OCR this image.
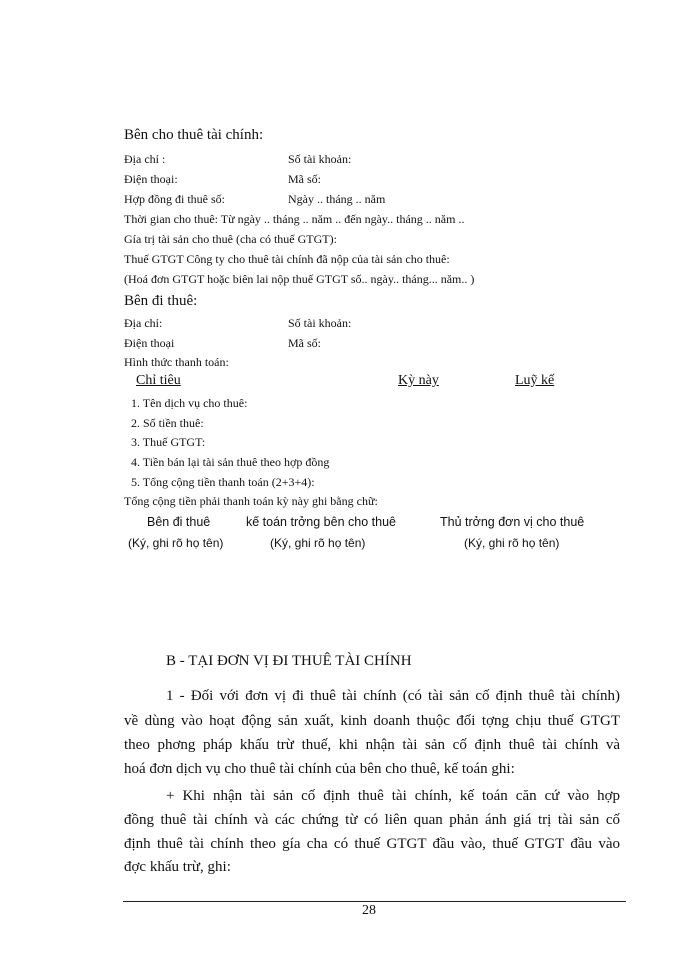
Bên cho thuê tài chính:
Địa chỉ :	Số tài khoản:
Điện thoại:	Mã số:
Hợp đồng đi thuê số:	Ngày .. tháng .. năm
Thời gian cho thuê: Từ ngày .. tháng .. năm .. đến ngày.. tháng .. năm ..
Gía trị tài sản cho thuê (cha có thuế GTGT):
Thuế GTGT Công ty cho thuê tài chính đã nộp của tài sản cho thuê:
(Hoá đơn GTGT hoặc biên lai nộp thuế GTGT số.. ngày.. tháng... năm.. )
Bên đi thuê:
Địa chỉ:	Số tài khoản:
Điện thoại	Mã số:
Hình thức thanh toán:
Chỉ tiêu	Kỳ này	Luỹ kế
1. Tên dịch vụ cho thuê:
2. Số tiền thuê:
3. Thuế GTGT:
4. Tiền bán lại tài sản thuê theo hợp đồng
5. Tổng cộng tiền thanh toán (2+3+4):
Tổng cộng tiền phải thanh toán kỳ này ghi bằng chữ:
Bên đi thuê	kế toán trởng bên cho thuê	Thủ trởng đơn vị cho thuê
(Ký, ghi rõ họ tên)	(Ký, ghi rõ họ tên)	(Ký, ghi rõ họ tên)
B - TẠI ĐƠN VỊ ĐI THUÊ TÀI CHÍNH
1 - Đối với đơn vị đi thuê tài chính (có tài sản cố định thuê tài chính)
về dùng vào hoạt động sản xuất, kinh doanh thuộc đối tợng chịu thuế GTGT
theo phơng pháp khấu trừ thuế, khi nhận tài sản cố định thuê tài chính và
hoá đơn dịch vụ cho thuê tài chính của bên cho thuê, kế toán ghi:
+ Khi nhận tài sản cố định thuê tài chính, kế toán căn cứ vào hợp
đồng thuê tài chính và các chứng từ có liên quan phản ánh giá trị tài sản cố
định thuê tài chính theo gía cha có thuế GTGT đầu vào, thuế GTGT đầu vào
đợc khấu trừ, ghi:
28
